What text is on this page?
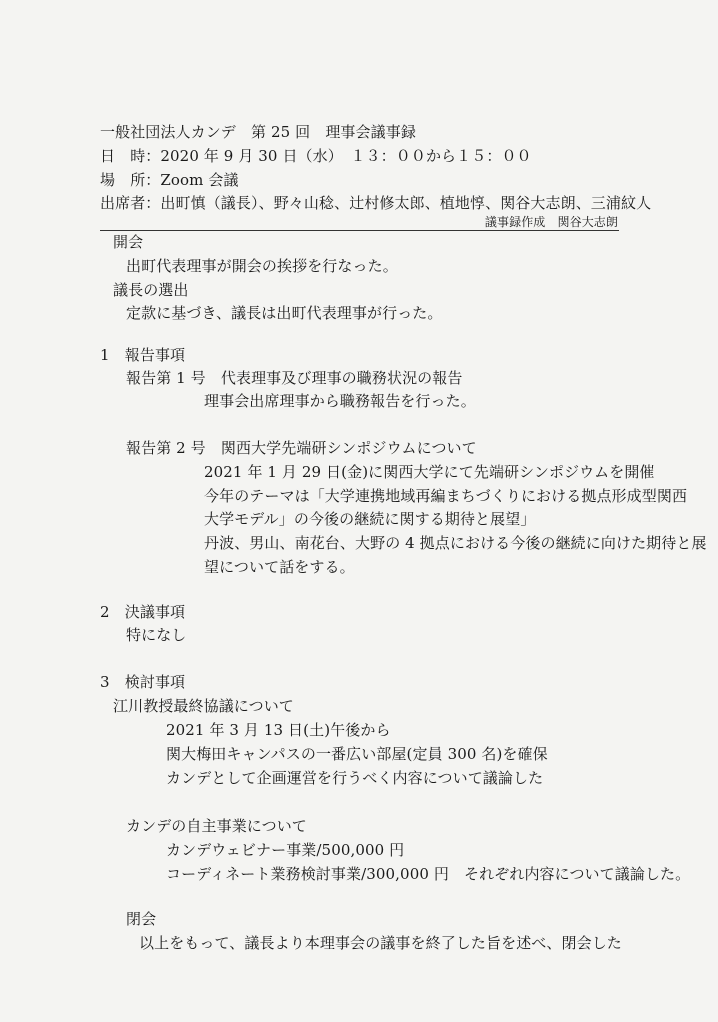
一般社団法人カンデ　第 25 回　理事会議事録

日　時：2020 年 9 月 30 日（水）　１３：００から１５：００

場　所：Zoom 会議

出席者：出町慎（議長）、野々山稔、辻村修太郎、植地惇、関谷大志朗、三浦紋人

議事録作成　関谷大志朗

開会

出町代表理事が開会の挨拶を行なった。

議長の選出

定款に基づき、議長は出町代表理事が行った。

1　報告事項

報告第 1 号　代表理事及び理事の職務状況の報告

理事会出席理事から職務報告を行った。

報告第 2 号　関西大学先端研シンポジウムについて

2021 年 1 月 29 日(金)に関西大学にて先端研シンポジウムを開催

今年のテーマは「大学連携地域再編まちづくりにおける拠点形成型関西

大学モデル」の今後の継続に関する期待と展望」

丹波、男山、南花台、大野の 4 拠点における今後の継続に向けた期待と展

望について話をする。

2　決議事項

特になし

3　検討事項

江川教授最終協議について

2021 年 3 月 13 日(土)午後から

関大梅田キャンパスの一番広い部屋(定員 300 名)を確保

カンデとして企画運営を行うべく内容について議論した

カンデの自主事業について

カンデウェビナー事業/500,000 円

コーディネート業務検討事業/300,000 円　それぞれ内容について議論した。

閉会

以上をもって、議長より本理事会の議事を終了した旨を述べ、閉会した
